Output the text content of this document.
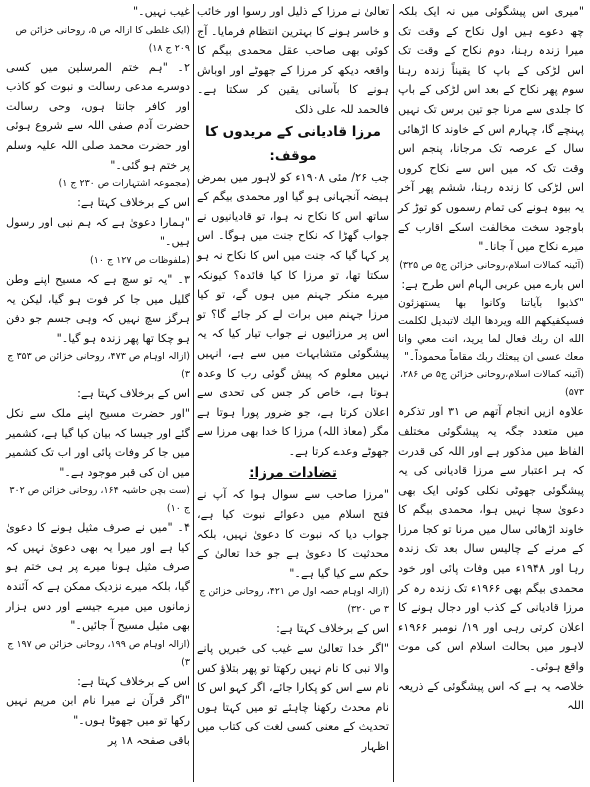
"میری اس پیشگوئی میں نہ ایک بلکہ چھ دعوے ہیں اول نکاح کے وقت تک میرا زندہ رہنا، دوم نکاح کے وقت تک اس لڑکی کے باپ کا یقیناً زندہ رہنا سوم پھر نکاح کے بعد اس لڑکی کے باپ کا جلدی سے مرنا جو تین برس تک نہیں پہنچے گا، چہارم اس کے خاوند کا اڑھائی سال کے عرصہ تک مرجانا، پنجم اس وقت تک کہ میں اس سے نکاح کروں اس لڑکی کا زندہ رہنا، ششم پھر آخر یہ بیوہ ہونے کی تمام رسموں کو توڑ کر باوجود سخت مخالفت اسکے اقارب کے میرے نکاح میں آ جانا۔"

(آئینہ کمالات اسلام،روحانی خزائن ج۵ ص ۳۲۵)

اس بارے میں عربی الہام اس طرح ہے:

"كذبوا بآياتنا وكانوا بها يستهزئون فسيكفيكهم الله ويردها اليك لاتبديل لكلمت الله ان ربك فعال لما يريد، انت معي وانا معك عسى ان يبعثك ربك مقاماً محموداً۔"

(آئینہ کمالات اسلام،روحانی خزائن ج۵ ص ۲۸۶، ۵۷۳)

علاوہ ازیں انجام آتھم ص ۳۱ اور تذکرہ میں متعدد جگہ یہ پیشگوئی مختلف الفاظ میں مذکور ہے اور اللہ کی قدرت کہ ہر اعتبار سے مرزا قادیانی کی یہ پیشگوئی جھوٹی نکلی کوئی ایک بھی دعویٰ سچا نہیں ہوا، محمدی بیگم کا خاوند اڑھائی سال میں مرنا تو کجا مرزا کے مرنے کے چالیس سال بعد تک زندہ رہا اور ۱۹۴۸ء میں وفات پائی اور خود محمدی بیگم بھی ۱۹۶۶ء تک زندہ رہ کر مرزا قادیانی کے کذب اور دجال ہونے کا اعلان کرتی رہی اور ۱۹/ نومبر ۱۹۶۶ء لاہور میں بحالت اسلام اس کی موت واقع ہوئی۔

خلاصہ یہ ہے کہ اس پیشگوئی کے ذریعہ اللہ

تعالیٰ نے مرزا کے ذلیل اور رسوا اور خائب و خاسر ہونے کا بہترین انتظام فرمایا۔ آج کوئی بھی صاحب عقل محمدی بیگم کا واقعہ دیکھ کر مرزا کے جھوٹے اور اوباش ہونے کا بآسانی یقین کر سکتا ہے۔ فالحمد للہ علی ذلک

مرزا قادیانی کے مریدوں کا موقف:

جب ۲۶/ مئی ۱۹۰۸ء کو لاہور میں بمرض ہیضہ آنجہانی ہو گیا اور محمدی بیگم کے ساتھ اس کا نکاح نہ ہوا، تو قادیانیوں نے جواب گھڑا کہ نکاح جنت میں ہوگا۔ اس پر کہا گیا کہ جنت میں اس کا نکاح نہ ہو سکتا تھا، تو مرزا کا کیا فائدہ؟ کیونکہ میرے منکر جہنم میں ہوں گے، تو کیا مرزا جہنم میں برات لے کر جائے گا؟ تو اس پر مرزائیوں نے جواب تیار کیا کہ یہ پیشگوئی متشابہات میں سے ہے، انہیں نہیں معلوم کہ پیش گوئی رب کا وعدہ ہوتا ہے، خاص کر جس کی تحدی سے اعلان کرتا ہے، جو ضرور پورا ہوتا ہے مگر (معاذ اللہ) مرزا کا خدا بھی مرزا سے جھوٹے وعدے کرتا ہے۔

تضادات مرزا:

"مرزا صاحب سے سوال ہوا کہ آپ نے فتح اسلام میں دعوائے نبوت کیا ہے، جواب دیا کہ نبوت کا دعویٰ نہیں، بلکہ محدثیت کا دعویٰ ہے جو خدا تعالیٰ کے حکم سے کیا گیا ہے۔"

(ازالہ اوہام حصہ اول ص ۴۲۱، روحانی خزائن ج ۳ ص ۳۲۰)

اس کے برخلاف کہتا ہے:

"اگر خدا تعالیٰ سے غیب کی خبریں پانے والا نبی کا نام نہیں رکھتا تو پھر بتلاؤ کس نام سے اس کو پکارا جائے، اگر کہو اس کا نام محدث رکھنا چاہئے تو میں کہتا ہوں تحدیث کے معنی کسی لغت کی کتاب میں اظہار

غیب نہیں۔"

(ایک غلطی کا ازالہ ص ۵، روحانی خزائن ص ۲۰۹ ج ۱۸)

۲۔ "ہم ختم المرسلین میں کسی دوسرے مدعی رسالت و نبوت کو کاذب اور کافر جانتا ہوں، وحی رسالت حضرت آدم صفی اللہ سے شروع ہوئی اور حضرت محمد صلی اللہ علیہ وسلم پر ختم ہو گئی۔"

(مجموعہ اشتہارات ص ۲۳۰ ج ۱)

اس کے برخلاف کہتا ہے:

"ہمارا دعویٰ ہے کہ ہم نبی اور رسول ہیں۔"

(ملفوظات ص ۱۲۷ ج ۱۰)

۳۔ "یہ تو سچ ہے کہ مسیح اپنے وطن گلیل میں جا کر فوت ہو گیا، لیکن یہ ہرگز سچ نہیں کہ وہی جسم جو دفن ہو چکا تھا پھر زندہ ہو گیا۔"

(ازالہ اوہام ص ۴۷۳، روحانی خزائن ص ۳۵۳ ج ۳)

اس کے برخلاف کہتا ہے:

"اور حضرت مسیح اپنے ملک سے نکل گئے اور جیسا کہ بیان کیا گیا ہے، کشمیر میں جا کر وفات پائی اور اب تک کشمیر میں ان کی قبر موجود ہے۔"

(ست بچن حاشیہ ۱۶۴، روحانی خزائن ص ۳۰۲ ج ۱۰)

۴۔ "میں نے صرف مثیل ہونے کا دعویٰ کیا ہے اور میرا یہ بھی دعویٰ نہیں کہ صرف مثیل ہونا میرے پر ہی ختم ہو گیا، بلکہ میرے نزدیک ممکن ہے کہ آئندہ زمانوں میں میرے جیسے اور دس ہزار بھی مثیل مسیح آ جائیں۔"

(ازالہ اوہام ص ۱۹۹، روحانی خزائن ص ۱۹۷ ج ۳)

اس کے برخلاف کہتا ہے:

"اگر قرآن نے میرا نام ابن مریم نہیں رکھا تو میں جھوٹا ہوں۔"

باقی صفحہ ۱۸ پر
